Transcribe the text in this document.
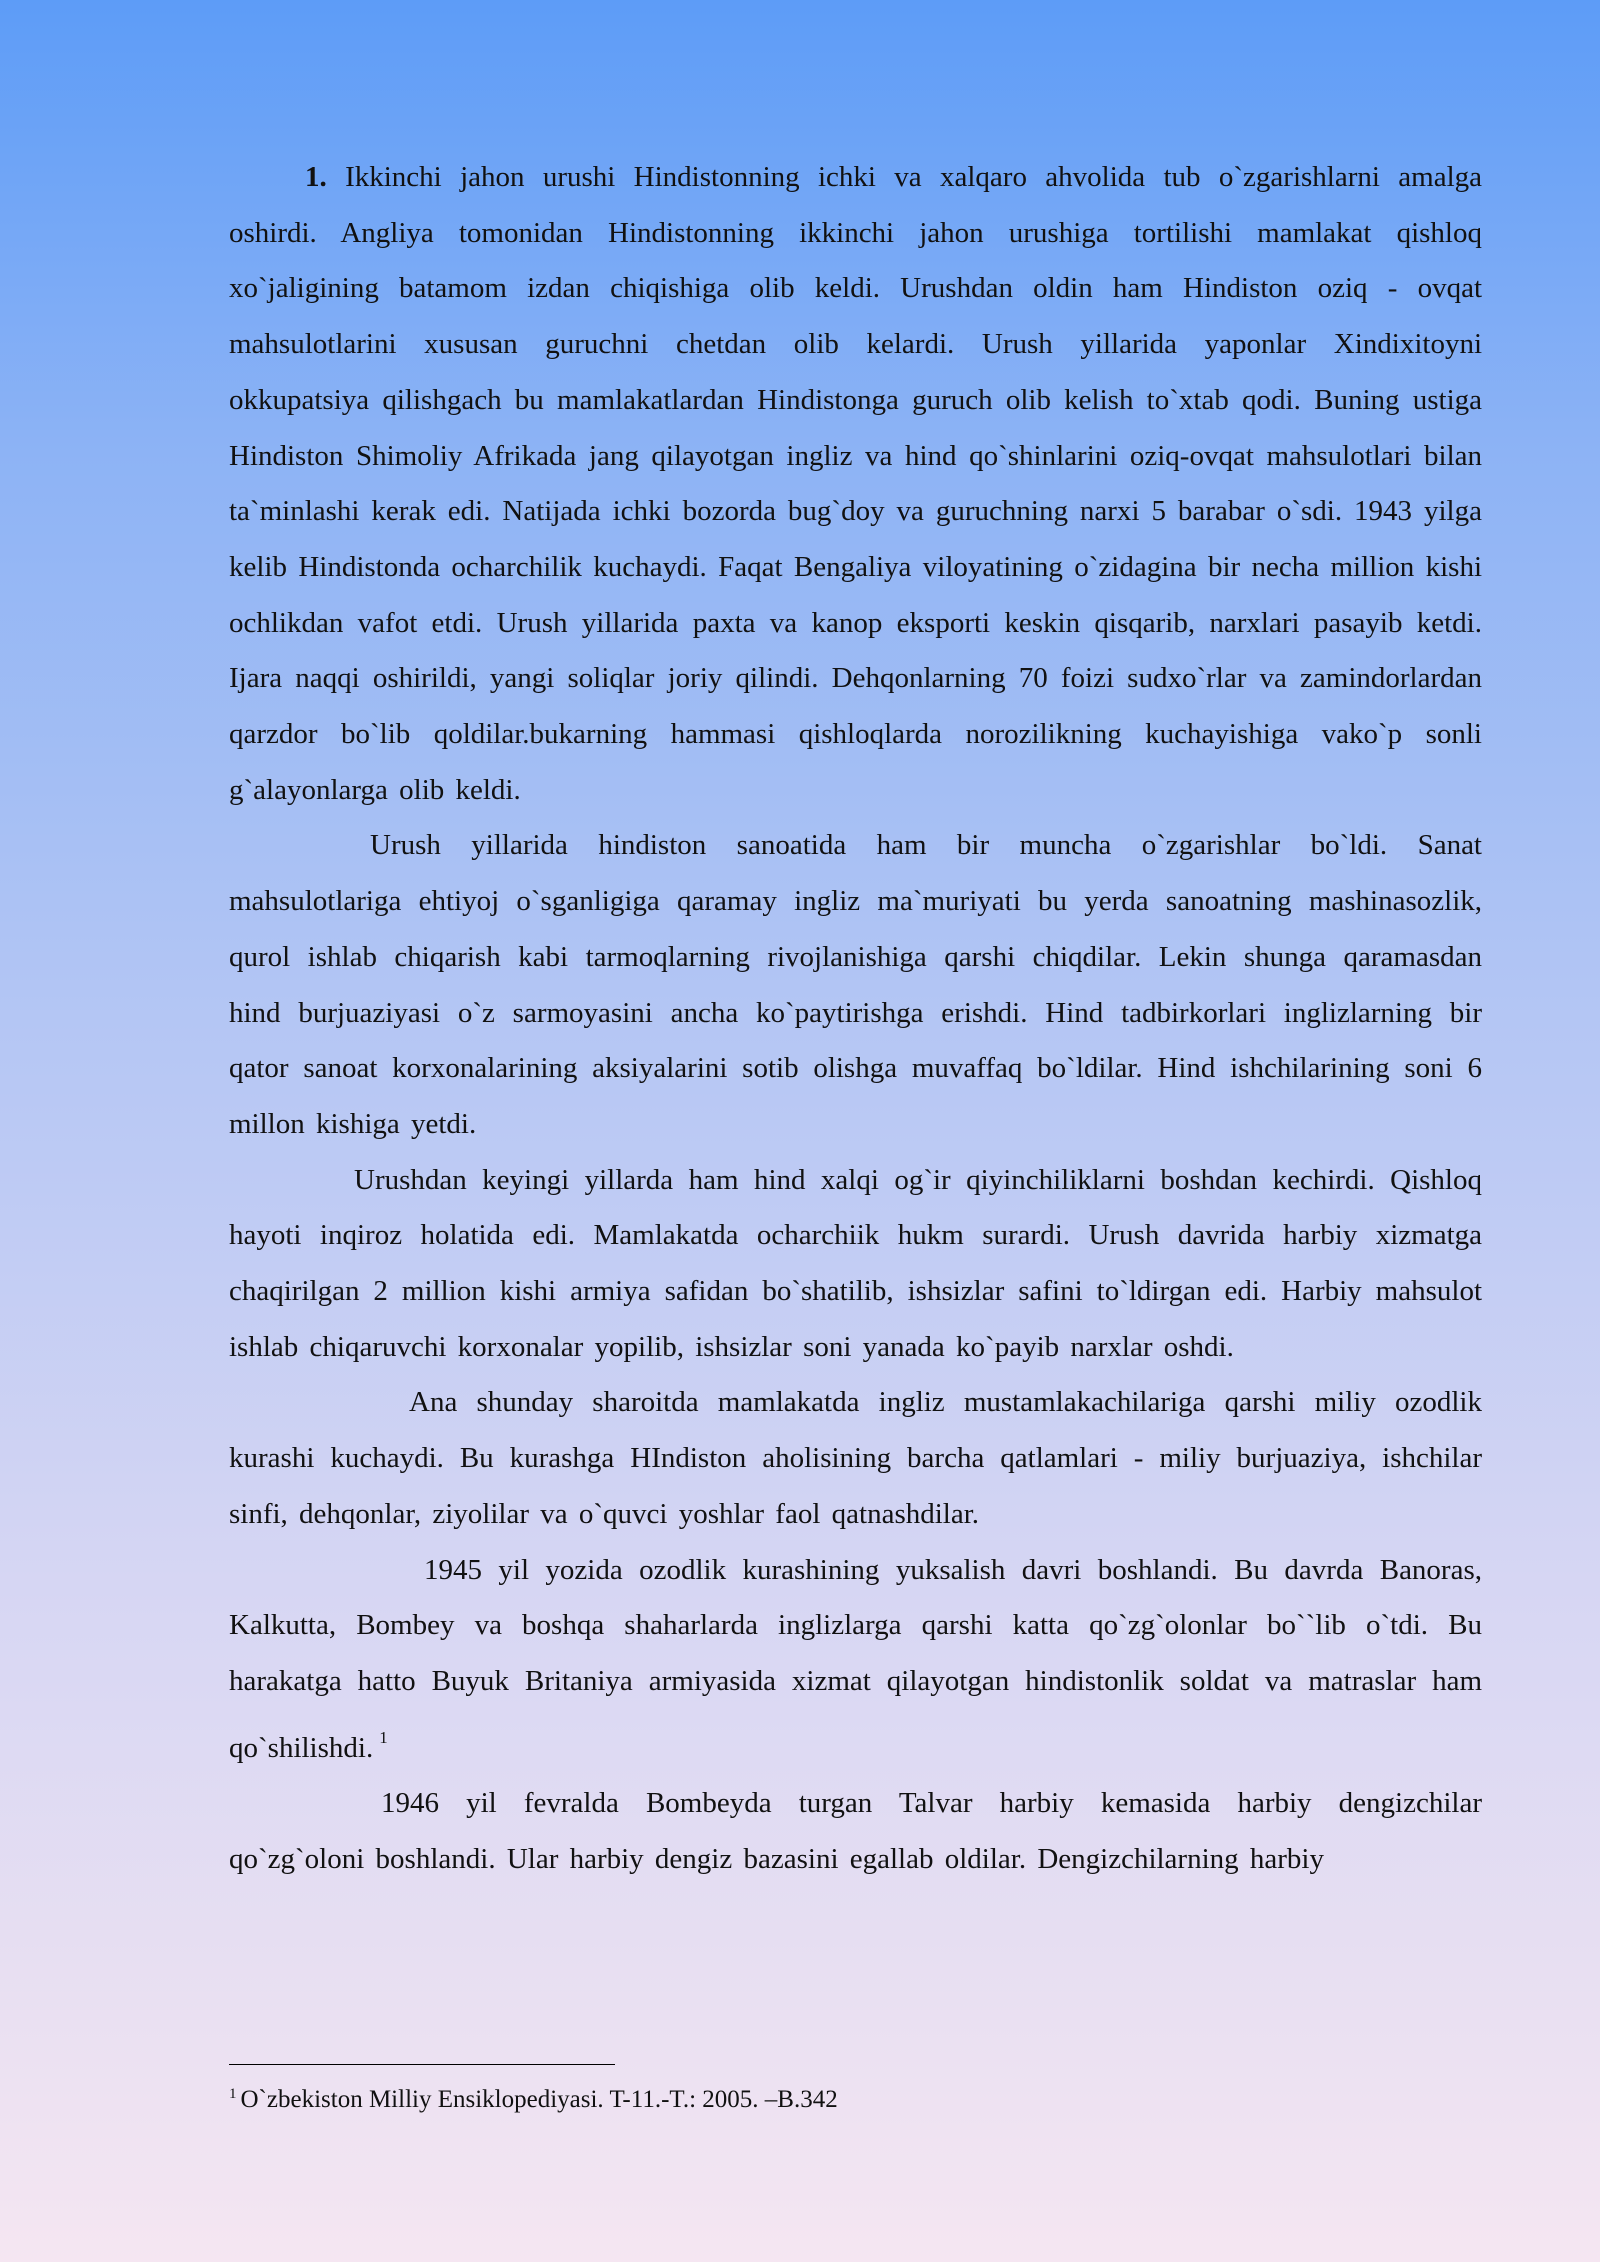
1. Ikkinchi jahon urushi Hindistonning ichki va xalqaro ahvolida tub o`zgarishlarni amalga oshirdi. Angliya tomonidan Hindistonning ikkinchi jahon urushiga tortilishi mamlakat qishloq xo`jaligining batamom izdan chiqishiga olib keldi. Urushdan oldin ham Hindiston oziq - ovqat mahsulotlarini xususan guruchni chetdan olib kelardi. Urush yillarida yaponlar Xindixitoyni okkupatsiya qilishgach bu mamlakatlardan Hindistonga guruch olib kelish to`xtab qodi. Buning ustiga Hindiston Shimoliy Afrikada jang qilayotgan ingliz va hind qo`shinlarini oziq-ovqat mahsulotlari bilan ta`minlashi kerak edi. Natijada ichki bozorda bug`doy va guruchning narxi 5 barabar o`sdi. 1943 yilga kelib Hindistonda ocharchilik kuchaydi. Faqat Bengaliya viloyatining o`zidagina bir necha million kishi ochlikdan vafot etdi. Urush yillarida paxta va kanop eksporti keskin qisqarib, narxlari pasayib ketdi. Ijara naqqi oshirildi, yangi soliqlar joriy qilindi. Dehqonlarning 70 foizi sudxo`rlar va zamindorlardan qarzdor bo`lib qoldilar.bukarning hammasi qishloqlarda norozilikning kuchayishiga vako`p sonli g`alayonlarga olib keldi.

Urush yillarida hindiston sanoatida ham bir muncha o`zgarishlar bo`ldi. Sanat mahsulotlariga ehtiyoj o`sganligiga qaramay ingliz ma`muriyati bu yerda sanoatning mashinasozlik, qurol ishlab chiqarish kabi tarmoqlarning rivojlanishiga qarshi chiqdilar. Lekin shunga qaramasdan hind burjuaziyasi o`z sarmoyasini ancha ko`paytirishga erishdi. Hind tadbirkorlari inglizlarning bir qator sanoat korxonalarining aksiyalarini sotib olishga muvaffaq bo`ldilar. Hind ishchilarining soni 6 millon kishiga yetdi.

Urushdan keyingi yillarda ham hind xalqi og`ir qiyinchiliklarni boshdan kechirdi. Qishloq hayoti inqiroz holatida edi. Mamlakatda ocharchiik hukm surardi. Urush davrida harbiy xizmatga chaqirilgan 2 million kishi armiya safidan bo`shatilib, ishsizlar safini to`ldirgan edi. Harbiy mahsulot ishlab chiqaruvchi korxonalar yopilib, ishsizlar soni yanada ko`payib narxlar oshdi.

Ana shunday sharoitda mamlakatda ingliz mustamlakachilariga qarshi miliy ozodlik kurashi kuchaydi. Bu kurashga HIndiston aholisining barcha qatlamlari - miliy burjuaziya, ishchilar sinfi, dehqonlar, ziyolilar va o`quvci yoshlar faol qatnashdilar.

1945 yil yozida ozodlik kurashining yuksalish davri boshlandi. Bu davrda Banoras, Kalkutta, Bombey va boshqa shaharlarda inglizlarga qarshi katta qo`zg`olonlar bo``lib o`tdi. Bu harakatga hatto Buyuk Britaniya armiyasida xizmat qilayotgan hindistonlik soldat va matraslar ham qo`shilishdi. $^1$

1946 yil fevralda Bombeyda turgan Talvar harbiy kemasida harbiy dengizchilar qo`zg`oloni boshlandi. Ular harbiy dengiz bazasini egallab oldilar. Dengizchilarning harbiy

$^1$ O`zbekiston Milliy Ensiklopediyasi. T-11.-T.: 2005. –B.342
